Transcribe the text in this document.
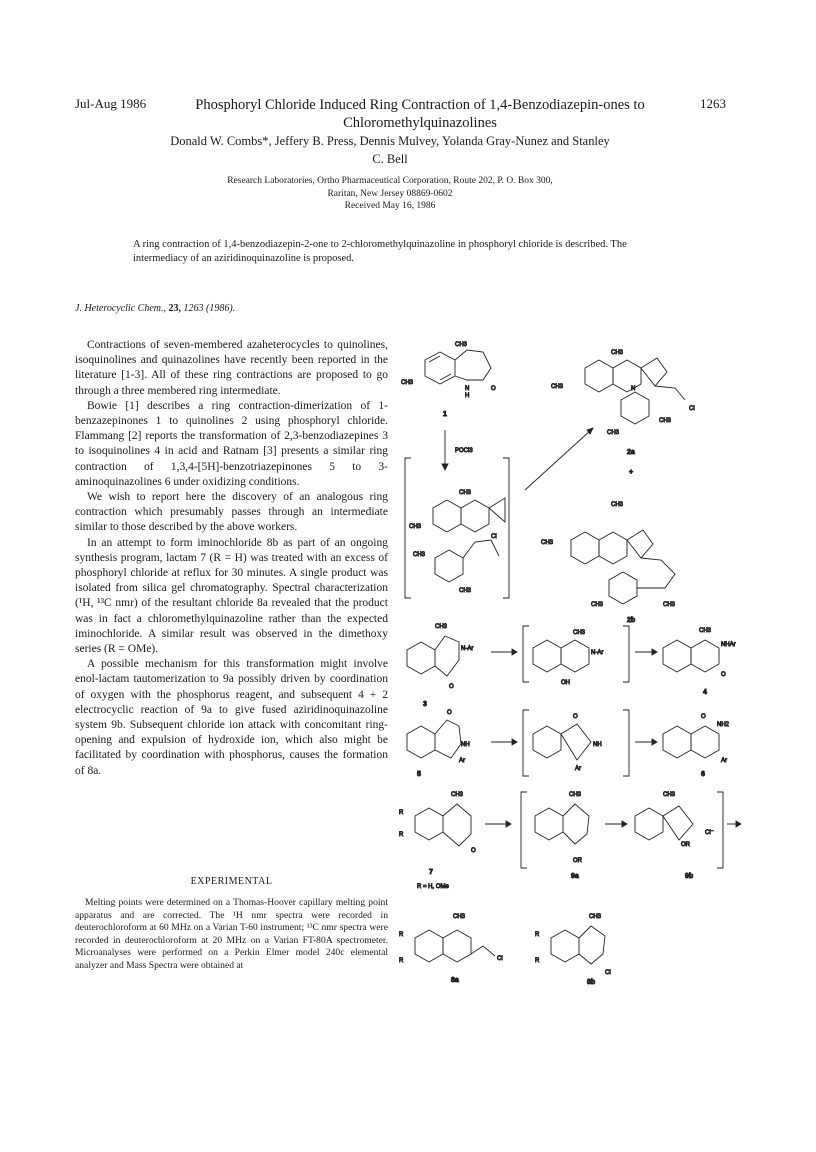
Jul-Aug 1986	Phosphoryl Chloride Induced Ring Contraction of 1,4-Benzodiazepin-ones to Chloromethylquinazolines
1263
Donald W. Combs*, Jeffery B. Press, Dennis Mulvey, Yolanda Gray-Nunez and Stanley
C. Bell
Research Laboratories, Ortho Pharmaceutical Corporation, Route 202, P. O. Box 300,
Raritan, New Jersey 08869-0602
Received May 16, 1986
A ring contraction of 1,4-benzodiazepin-2-one to 2-chloromethylquinazoline in phosphoryl chloride is described. The intermediacy of an aziridinoquinazoline is proposed.
J. Heterocyclic Chem., 23, 1263 (1986).

Contractions of seven-membered azaheterocycles to quinolines, isoquinolines and quinazolines have recently been reported in the literature [1-3]. All of these ring contractions are proposed to go through a three membered ring intermediate.

Bowie [1] describes a ring contraction-dimerization of 1-benzazepinones 1 to quinolines 2 using phosphoryl chloride. Flammang [2] reports the transformation of 2,3-benzodiazepines 3 to isoquinolines 4 in acid and Ratnam [3] presents a similar ring contraction of 1,3,4-[5H]-benzotriazepinones 5 to 3-aminoquinazolines 6 under oxidizing conditions.

We wish to report here the discovery of an analogous ring contraction which presumably passes through an intermediate similar to those described by the above workers.

In an attempt to form iminochloride 8b as part of an ongoing synthesis program, lactam 7 (R = H) was treated with an excess of phosphoryl chloride at reflux for 30 minutes. A single product was isolated from silica gel chromatography. Spectral characterization (¹H, ¹³C nmr) of the resultant chloride 8a revealed that the product was in fact a chloromethylquinazoline rather than the expected iminochloride. A similar result was observed in the dimethoxy series (R = OMe).

A possible mechanism for this transformation might involve enol-lactam tautomerization to 9a possibly driven by coordination of oxygen with the phosphorus reagent, and subsequent 4 + 2 electrocyclic reaction of 9a to give fused aziridinoquinazoline system 9b. Subsequent chloride ion attack with concomitant ring-opening and expulsion of hydroxide ion, which also might be facilitated by coordination with phosphorus, causes the formation of 8a.

EXPERIMENTAL
Melting points were determined on a Thomas-Hoover capillary melting point apparatus and are corrected. The ¹H nmr spectra were recorded in deuterochloroform at 60 MHz on a Varian T-60 instrument; ¹³C nmr spectra were recorded in deuterochloroform at 20 MHz on a Varian FT-80A spectrometer. Microanalyses were performed on a Perkin Elmer model 240c elemental analyzer and Mass Spectra were obtained at
CH3
CH3
N
H
O
1
POCl3
CH3
CH3
CH3
CH3
Cl
CH3
CH3	N
Cl
CH3
CH3
2a
+
CH3
CH3
CH3	CH3
2b
CH3
N-Ar
O
3
CH3
N-Ar
OH
CH3
NHAr
O
4
O
NH
Ar
5
O
NH
Ar
O
NH2
Ar
6
CH3
R
R
O
7
R = H, OMe
CH3
OR
9a
CH3
OR
Cl⁻
9b
CH3
R
R	Cl
8a
CH3
R
R
Cl
8b
